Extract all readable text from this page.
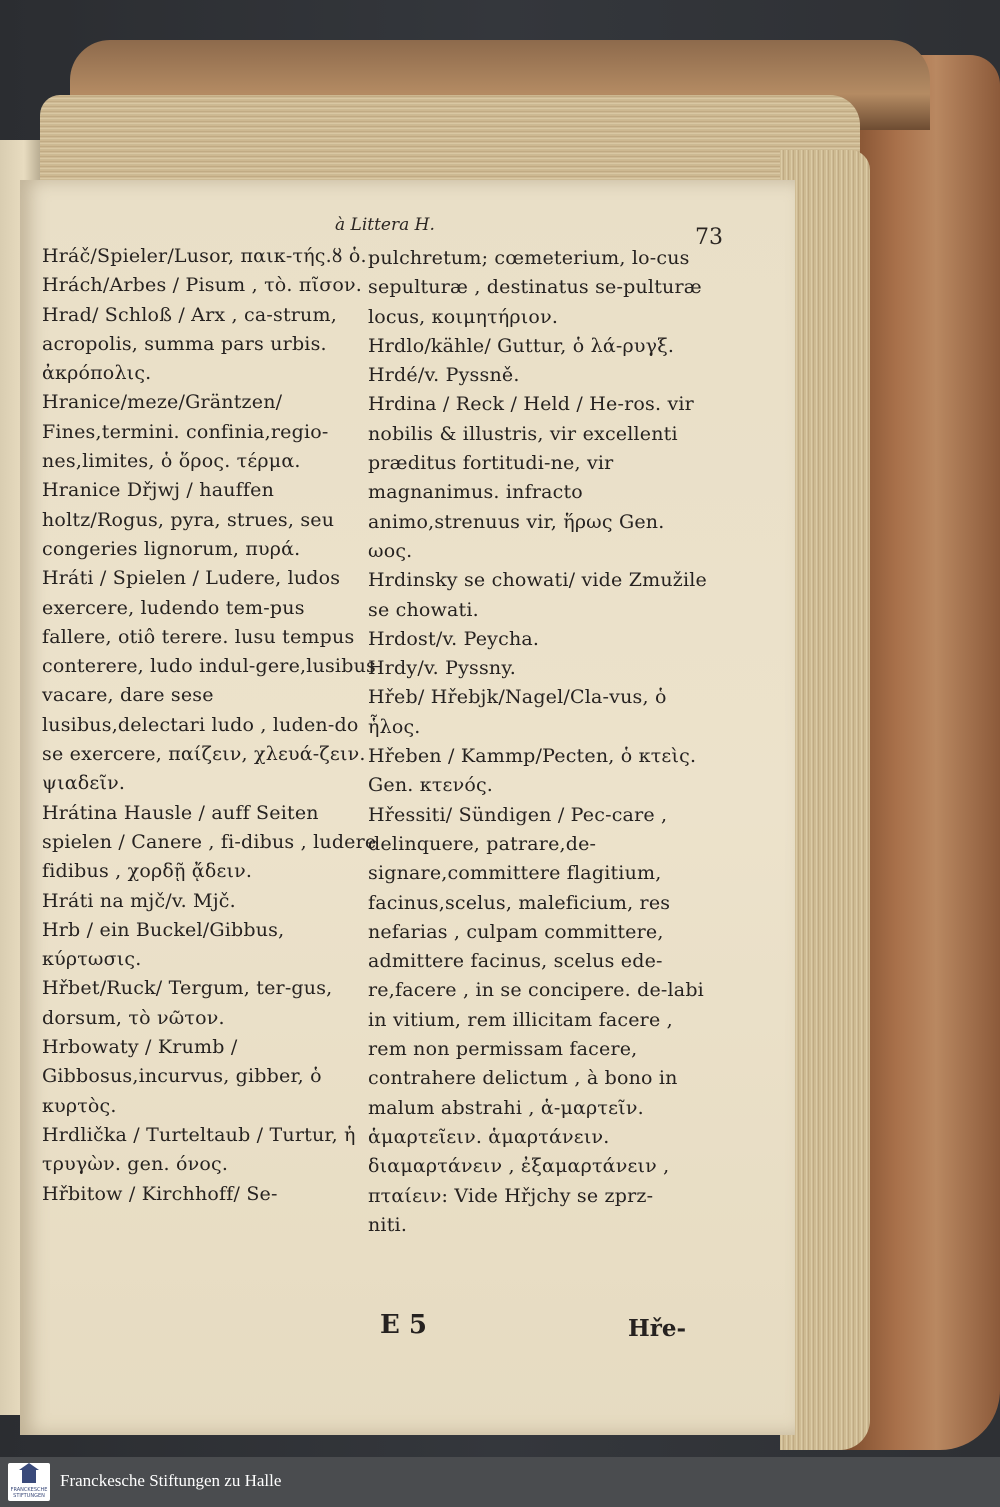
à Littera H.	73

Hráč/Spieler/Lusor, παικ-τής.ȣ ὁ.

Hrách/Arbes / Pisum , τὸ. πῖσον.

Hrad/ Schloß / Arx , ca-strum, acropolis, summa pars urbis. ἀκρόπολις.

Hranice/meze/Gräntzen/ Fines,termini. confinia,regio-nes,limites, ὁ ὅρος. τέρμα.

Hranice Dřjwj / hauffen holtz/Rogus, pyra, strues, seu congeries lignorum, πυρά.

Hráti / Spielen / Ludere, ludos exercere, ludendo tem-pus fallere, otiô terere. lusu tempus conterere, ludo indul-gere,lusibus vacare, dare sese lusibus,delectari ludo , luden-do se exercere, παίζειν, χλευά-ζειν. ψιαδεῖν.

Hrátina Hausle / auff Seiten spielen / Canere , fi-dibus , ludere fidibus , χορδῇ ᾄδειν.

Hráti na mjč/v. Mjč.

Hrb / ein Buckel/Gibbus, κύρτωσις.

Hřbet/Ruck/ Tergum, ter-gus, dorsum, τὸ νῶτον.

Hrbowaty / Krumb / Gibbosus,incurvus, gibber, ὁ κυρτὸς.

Hrdlička / Turteltaub / Turtur, ἡ τρυγὼν. gen. όνος.

Hřbitow / Kirchhoff/ Se-

pulchretum; cœmeterium, lo-cus sepulturæ , destinatus se-pulturæ locus, κοιμητήριον.

Hrdlo/kählе/ Guttur, ὁ λά-ρυγξ.

Hrdé/v. Pyssně.

Hrdina / Reck / Held / He-ros. vir nobilis & illustris, vir excellenti præditus fortitudi-ne, vir magnanimus. infracto animo,strenuus vir, ἥρως Gen. ωος.

Hrdinsky se chowati/ vide Zmužile se chowati.

Hrdost/v. Peycha.

Hrdy/v. Pyssny.

Hřeb/ Hřebjk/Nagel/Cla-vus, ὁ ἧλος.

Hřeben / Kammp/Pecten, ὁ κτεὶς. Gen. κτενός.

Hřessiti/ Sündigen / Pec-care , delinquere, patrare,de-signare,committere flagitium, facinus,scelus, maleficium, res nefarias , culpam committere, admittere facinus, scelus ede-re,facere , in se concipere. de-labi in vitium, rem illicitam facere , rem non permissam facere, contrahere delictum , à bono in malum abstrahi , ἁ-μαρτεῖν. ἁμαρτεῖειν. ἁμαρτάνειν. διαμαρτάνειν , ἐξαμαρτάνειν , πταίειν: Vide Hřjchy se zprz-

niti.

E 5	Hře-
FRANCKESCHE STIFTUNGEN
Franckesche Stiftungen zu Halle
